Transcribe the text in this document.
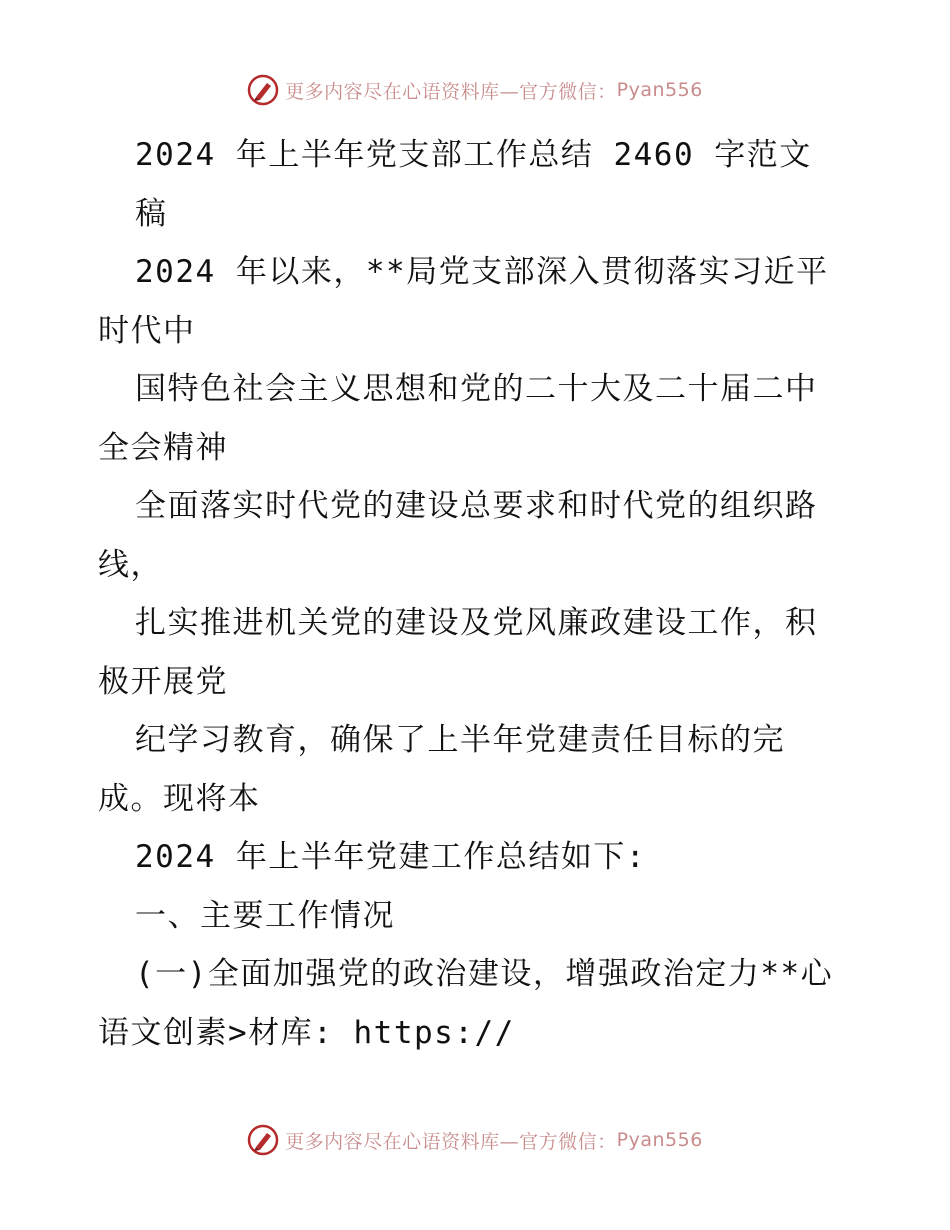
更多内容尽在心语资料库—官方微信： Pyan556
2024 年上半年党支部工作总结 2460 字范文
稿
2024 年以来，**局党支部深入贯彻落实习近平
时代中
国特色社会主义思想和党的二十大及二十届二中
全会精神
全面落实时代党的建设总要求和时代党的组织路
线，
扎实推进机关党的建设及党风廉政建设工作，积
极开展党
纪学习教育，确保了上半年党建责任目标的完
成。现将本
2024 年上半年党建工作总结如下:
一、主要工作情况
(一)全面加强党的政治建设，增强政治定力**心
语文创素>材库: https://
更多内容尽在心语资料库—官方微信： Pyan556
